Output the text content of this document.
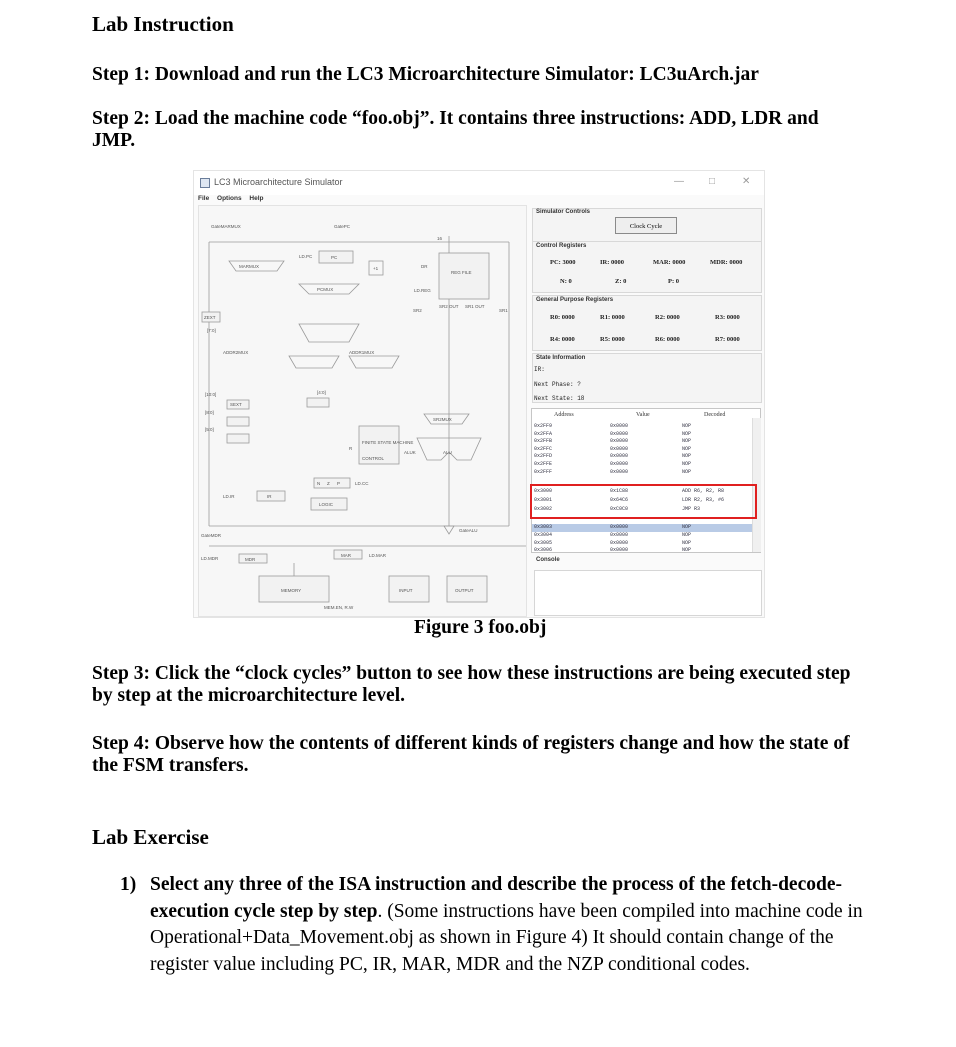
Lab Instruction
Step 1: Download and run the LC3 Microarchitecture Simulator: LC3uArch.jar
Step 2: Load the machine code “foo.obj”. It contains three instructions: ADD, LDR and
JMP.
LC3 Microarchitecture Simulator	—	□	✕
File Options Help
GateMARMUX	GatePC
MARMUX
LD.PC	PC
+1
PCMUX
DR
REG FILE
LD.REG
SR2	SR1
SR2 OUT SR1 OUT
ZEXT
[7:0]
ADDR2MUX	ADDR1MUX
[10:0]
SEXT
[8:0]
[5:0]
[4:0]
SR2MUX
FINITE STATE MACHINE
CONTROL
ALU
ALUK
R
LD.IR	IR
N Z P	LD.CC
LOGIC
GateALU
GateMDR
LD.MDR	MDR
MAR	LD.MAR
MEMORY	INPUT	OUTPUT
MEM.EN, R.W
16
Simulator Controls
Control Registers
General Purpose Registers
State Information
Console
Clock Cycle
PC: 3000	IR: 0000	MAR: 0000	MDR: 0000
N: 0	Z: 0	P: 0
R0: 0000	R1: 0000	R2: 0000	R3: 0000
R4: 0000	R5: 0000	R6: 0000	R7: 0000
IR:
Next Phase: ?
Next State: 18
Address	Value	Decoded
0x2FF9	0x0000	NOP
0x2FFA	0x0000	NOP
0x2FFB	0x0000	NOP
0x2FFC	0x0000	NOP
0x2FFD	0x0000	NOP
0x2FFE	0x0000	NOP
0x2FFF	0x0000	NOP
0x3000	0x1C88	ADD R6, R2, R8
0x3001	0x64C6	LDR R2, R3, #6
0x3002	0xC0C0	JMP R3
0x3003	0x0000	NOP
0x3004	0x0000	NOP
0x3005	0x0000	NOP
0x3006	0x0000	NOP
Figure 3 foo.obj
Step 3: Click the “clock cycles” button to see how these instructions are being executed step
by step at the microarchitecture level.
Step 4: Observe how the contents of different kinds of registers change and how the state of
the FSM transfers.
Lab Exercise
1) Select any three of the ISA instruction and describe the process of the fetch-decode-execution cycle step by step. (Some instructions have been compiled into machine code in Operational+Data_Movement.obj as shown in Figure 4) It should contain change of the register value including PC, IR, MAR, MDR and the NZP conditional codes.
